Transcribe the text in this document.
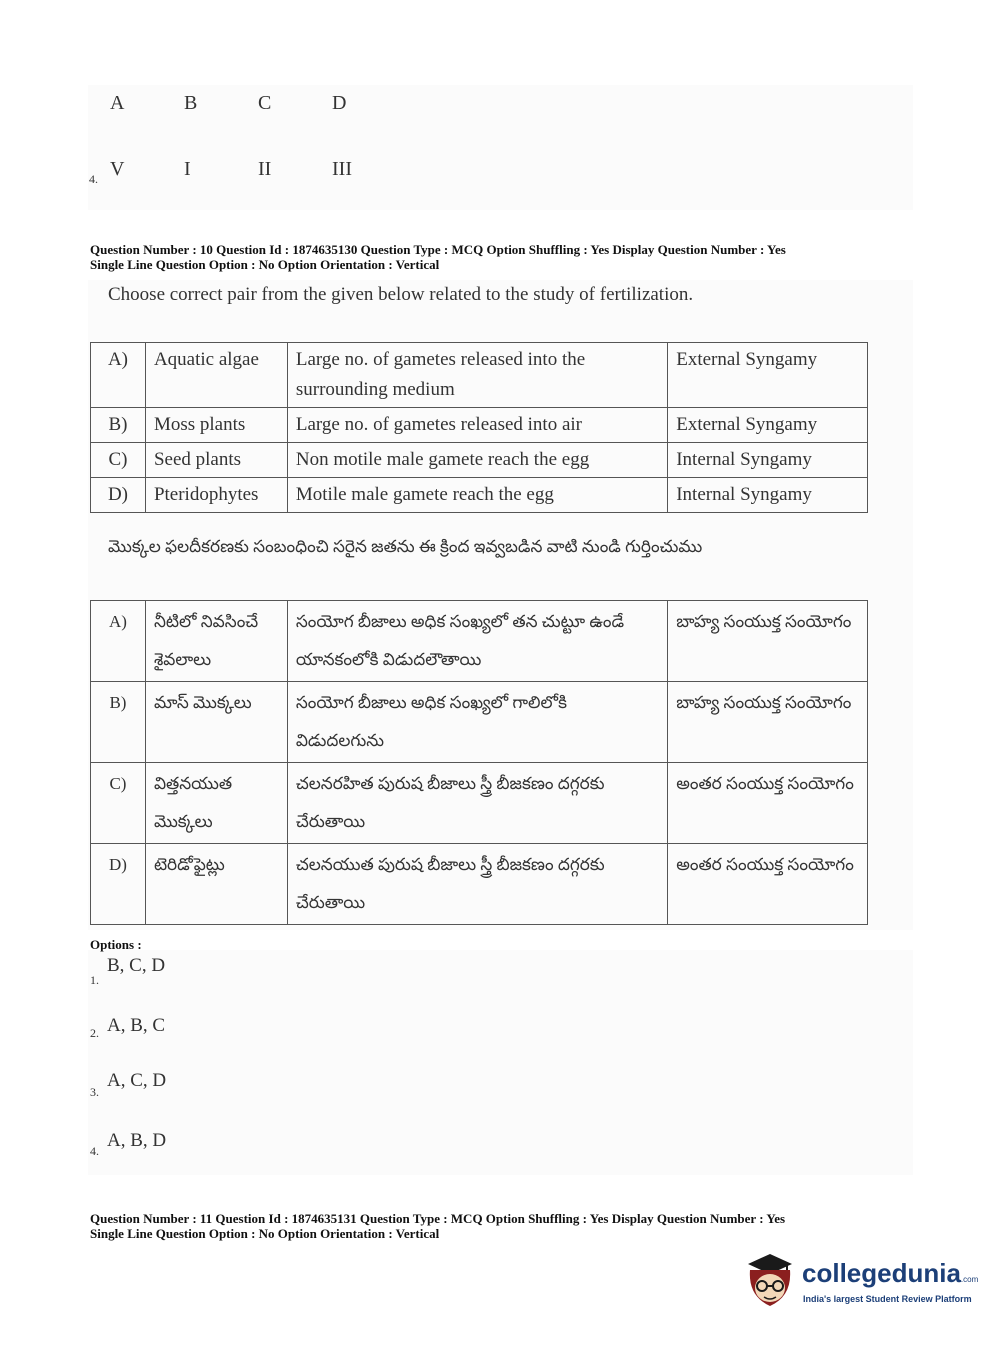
A	B	C	D
4. V	I	II	III
Question Number : 10 Question Id : 1874635130 Question Type : MCQ Option Shuffling : Yes Display Question Number : Yes
Single Line Question Option : No Option Orientation : Vertical
Choose correct pair from the given below related to the study of fertilization.
A)	Aquatic algae	Large no. of gametes released into the surrounding medium	External Syngamy
B)	Moss plants	Large no. of gametes released into air	External Syngamy
C)	Seed plants	Non motile male gamete reach the egg	Internal Syngamy
D)	Pteridophytes	Motile male gamete reach the egg	Internal Syngamy
మొక్కల ఫలదీకరణకు సంబంధించి సరైన జతను ఈ క్రింద ఇవ్వబడిన వాటి నుండి గుర్తించుము
A)	నీటిలో నివసించే శైవలాలు	సంయోగ బీజాలు అధిక సంఖ్యలో తన చుట్టూ ఉండే యానకంలోకి విడుదలౌతాయి	బాహ్య సంయుక్త సంయోగం
B)	మాస్ మొక్కలు	సంయోగ బీజాలు అధిక సంఖ్యలో గాలిలోకి విడుదలగును	బాహ్య సంయుక్త సంయోగం
C)	విత్తనయుత మొక్కలు	చలనరహిత పురుష బీజాలు స్త్రీ బీజకణం దగ్గరకు చేరుతాయి	అంతర సంయుక్త సంయోగం
D)	టెరిడోఫైట్లు	చలనయుత పురుష బీజాలు స్త్రీ బీజకణం దగ్గరకు చేరుతాయి	అంతర సంయుక్త సంయోగం
Options :
1.
B, C, D
2. A, B, C
3.
A, C, D
4. A, B, D
Question Number : 11 Question Id : 1874635131 Question Type : MCQ Option Shuffling : Yes Display Question Number : Yes
Single Line Question Option : No Option Orientation : Vertical
collegedunia.com
India's largest Student Review Platform
